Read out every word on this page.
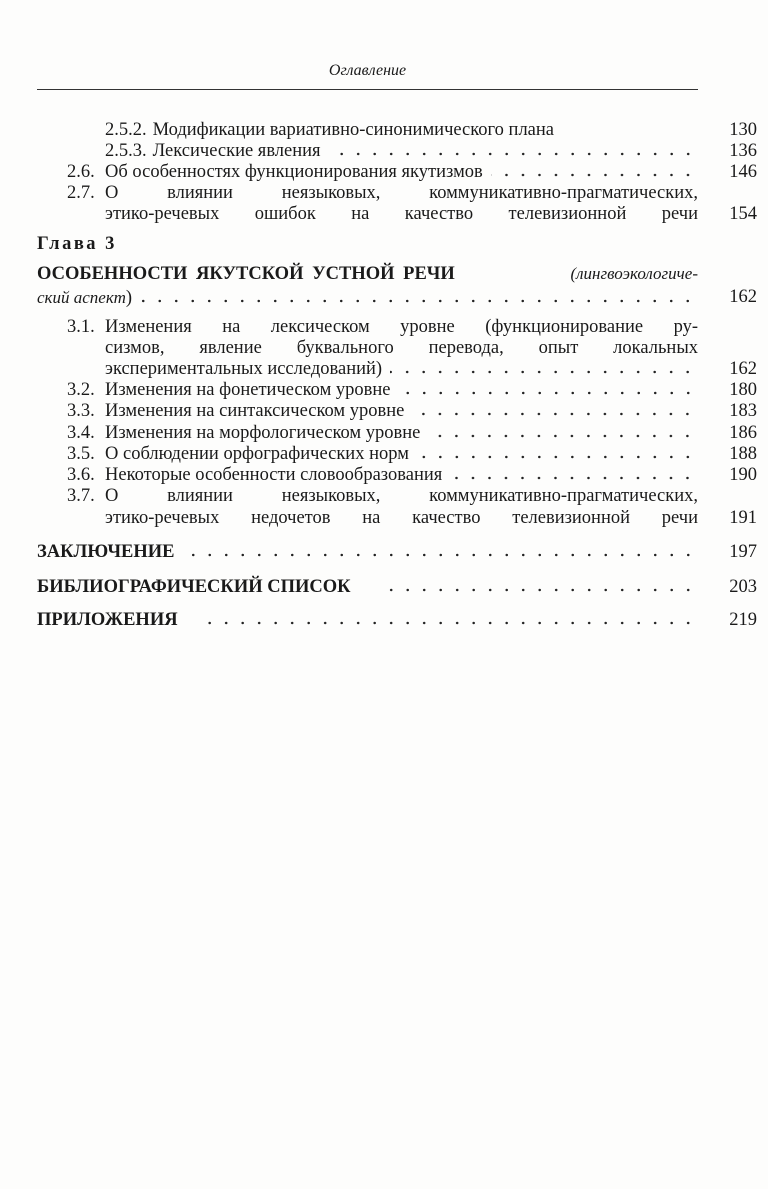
Оглавление
2.5.2. Модификации вариативно-синонимического плана	130
2.5.3. Лексические явления	136
2.6. Об особенностях функционирования якутизмов	146
2.7. О влиянии неязыковых, коммуникативно-прагматических,
этико-речевых ошибок на качество телевизионной речи	154
Глава 3
ОСОБЕННОСТИ ЯКУТСКОЙ УСТНОЙ РЕЧИ	(лингвоэкологиче-
ский аспект )	162
3.1. Изменения на лексическом уровне (функционирование ру-
сизмов, явление буквального перевода, опыт локальных
экспериментальных исследований)	162
3.2. Изменения на фонетическом уровне	180
3.3. Изменения на синтаксическом уровне	183
3.4. Изменения на морфологическом уровне	186
3.5. О соблюдении орфографических норм	188
3.6. Некоторые особенности словообразования	190
3.7. О влиянии неязыковых, коммуникативно-прагматических,
этико-речевых недочетов на качество телевизионной речи	191
ЗАКЛЮЧЕНИЕ	197
БИБЛИОГРАФИЧЕСКИЙ СПИСОК	203
ПРИЛОЖЕНИЯ	219
